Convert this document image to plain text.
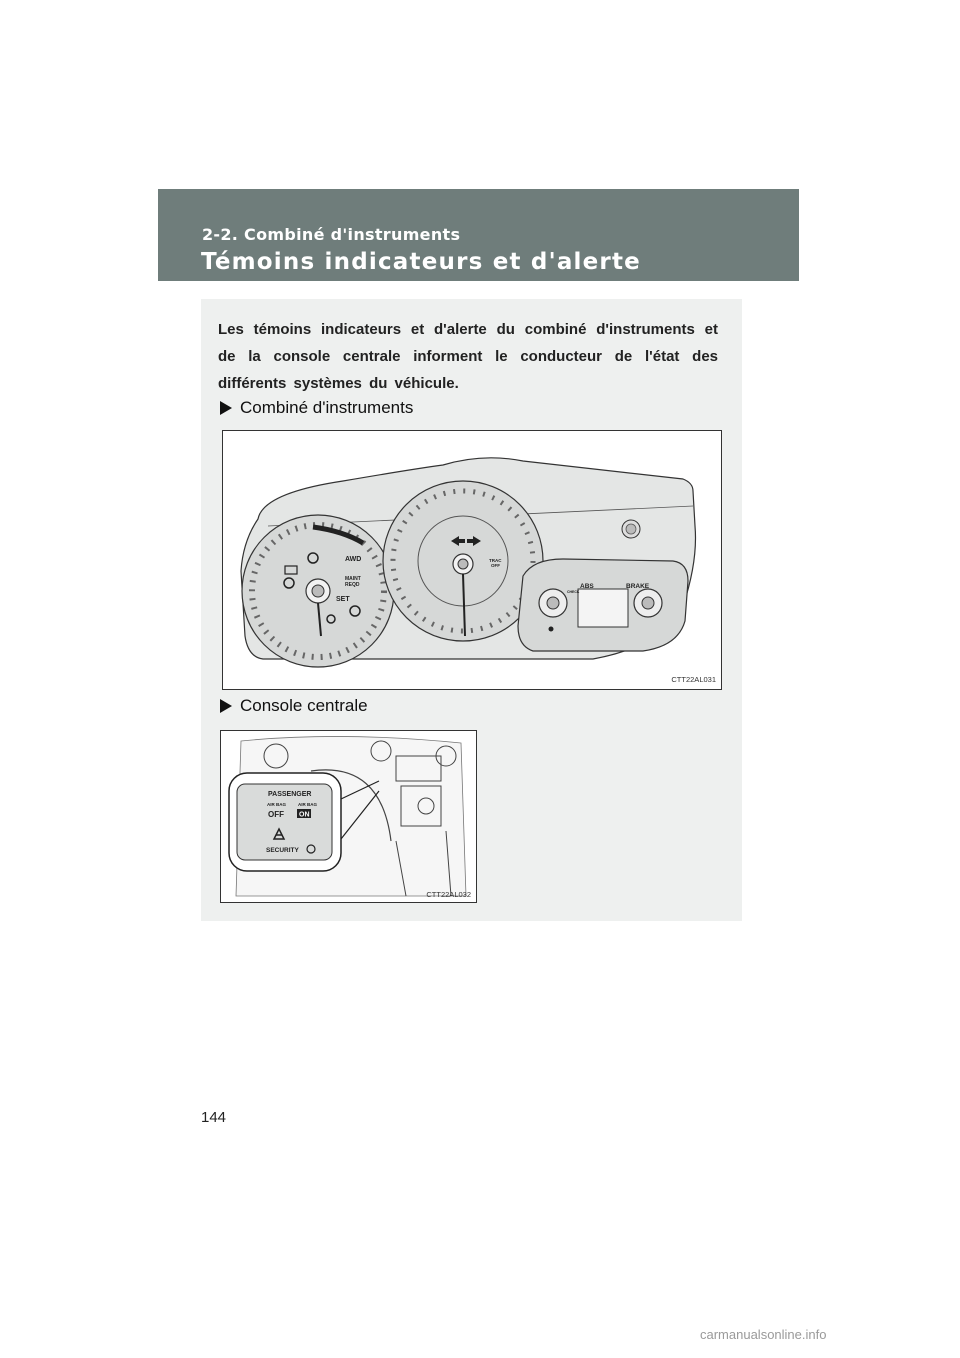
2-2. Combiné d'instruments
Témoins indicateurs et d'alerte
Les témoins indicateurs et d'alerte du combiné d'instruments et de la console centrale informent le conducteur de l'état des différents systèmes du véhicule.
Combiné d'instruments
AWD
MAINT
REQD
SET
TRAC
OFF
ABS	BRAKE
CHECK
CTT22AL031
Console centrale
PASSENGER
AIR BAG	AIR BAG
OFF ON
SECURITY
CTT22AL032
144
carmanualsonline.info
